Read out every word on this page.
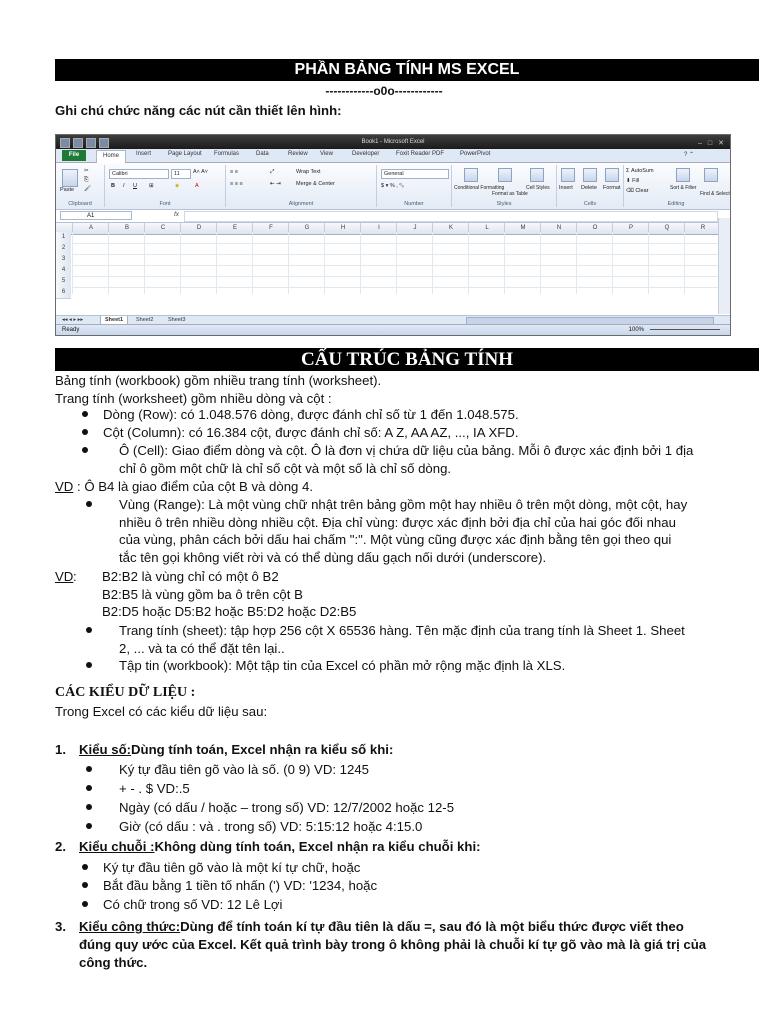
PHẦN BẢNG TÍNH MS EXCEL
------------o0o------------
Ghi chú chức năng các nút cần thiết lên hình:
Book1 - Microsoft Excel	– □ ✕
File	Home	Insert	Page Layout Formulas	Data	Review View	Developer	Foxit Reader PDF	PowerPivot	? ⌃
Paste
✂
⎘
🖌
Clipboard
Calibri	11	A˄ A˅
B I U ⊞	◈	A
Font
≡ ≡	⤢	Wrap Text
≡ ≡ ≡	⇤ ⇥	Merge & Center
Alignment
General
$ ▾ % , ⁰₀
Number
Conditional Formatting
Format as Table
Cell Styles
Styles
Insert Delete Format
Cells
Σ AutoSum
⬇ Fill
⌫ Clear	Sort & Filter
Find & Select
Editing
A1	fx
A	B	C	D	E	F	G	H	I	J	K	L	M	N	O	P	Q	R
1
2
3
4
5
6
◂◂ ◂ ▸ ▸▸	Sheet1	Sheet2	Sheet3
Ready	100%
CẤU TRÚC BẢNG TÍNH
Bảng tính (workbook) gồm nhiều trang tính (worksheet).
Trang tính (worksheet) gồm nhiều dòng và cột :
Dòng (Row): có 1.048.576 dòng, được đánh chỉ số từ 1 đến 1.048.575.
Cột (Column): có 16.384 cột, được đánh chỉ số: A Z, AA AZ, ..., IA XFD.
Ô (Cell): Giao điểm dòng và cột. Ô là đơn vị chứa dữ liệu của bảng. Mỗi ô được xác định bởi 1 địa
chỉ ô gồm một chữ là chỉ số cột và một số là chỉ số dòng.
VD : Ô B4 là giao điểm của cột B và dòng 4.
Vùng (Range): Là một vùng chữ nhật trên bảng gồm một hay nhiều ô trên một dòng, một cột, hay
nhiều ô trên nhiều dòng nhiều cột. Địa chỉ vùng: được xác định bởi địa chỉ của hai góc đối nhau
của vùng, phân cách bởi dấu hai chấm ":". Một vùng cũng được xác định bằng tên gọi theo qui
tắc tên gọi không viết rời và có thể dùng dấu gạch nối dưới (underscore).
VD : B2:B2 là vùng chỉ có một ô B2
B2:B5 là vùng gồm ba ô trên cột B
B2:D5 hoặc D5:B2 hoặc B5:D2 hoặc D2:B5
Trang tính (sheet): tập hợp 256 cột X 65536 hàng. Tên mặc định của trang tính là Sheet 1. Sheet
2, ... và ta có thể đặt tên lại..
Tập tin (workbook): Một tập tin của Excel có phần mở rộng mặc định là XLS.
CÁC KIỂU DỮ LIỆU :
Trong Excel có các kiểu dữ liệu sau:
1. Kiểu số:Dùng tính toán, Excel nhận ra kiểu số khi:
Ký tự đầu tiên gõ vào là số. (0 9) VD: 1245
+ - . $ VD:.5
Ngày (có dấu / hoặc – trong số) VD: 12/7/2002 hoặc 12-5
Giờ (có dấu : và . trong số) VD: 5:15:12 hoặc 4:15.0
2. Kiểu chuỗi :Không dùng tính toán, Excel nhận ra kiểu chuỗi khi:
Ký tự đầu tiên gõ vào là một kí tự chữ, hoặc
Bắt đầu bằng 1 tiền tố nhấn (') VD: '1234, hoặc
Có chữ trong số VD: 12 Lê Lợi
3. Kiểu công thức:Dùng để tính toán kí tự đầu tiên là dấu =, sau đó là một biểu thức được viết theo
đúng quy ước của Excel. Kết quả trình bày trong ô không phải là chuỗi kí tự gõ vào mà là giá trị của
công thức.
